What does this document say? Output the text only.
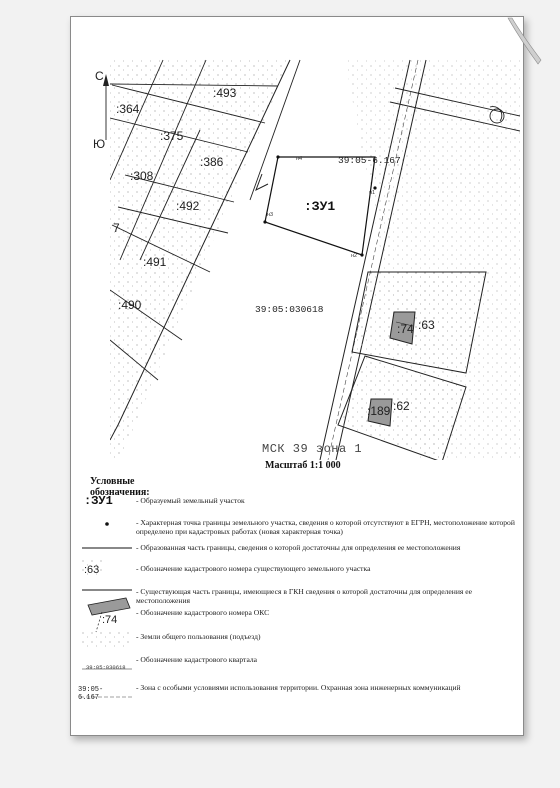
С
Ю
:493
:364
:375
:386
:308
:492
:491
:490
7
39:05-6.167
:ЗУ1
39:05:030618
н4
н1
н2
н3
:74 :63
:189 :62

МСК 39 зона 1

Масштаб 1:1 000

Условные обозначения:

:ЗУ1

:63

:74

39:05:030618

39:05-6.167

- Образуемый земельный участок

- Характерная точка границы земельного участка, сведения о которой отсутствуют в ЕГРН, местоположение которой определено при кадастровых работах (новая характерная точка)

- Образованная часть границы, сведения о которой достаточны для определения ее местоположения

- Обозначение кадастрового номера существующего земельного участка

- Существующая часть границы, имеющиеся в ГКН сведения о которой достаточны для определения ее местоположения

- Обозначение кадастрового номера ОКС

- Земли общего пользования (подъезд)

- Обозначение кадастрового квартала

- Зона с особыми условиями использования территории. Охранная зона инженерных коммуникаций
